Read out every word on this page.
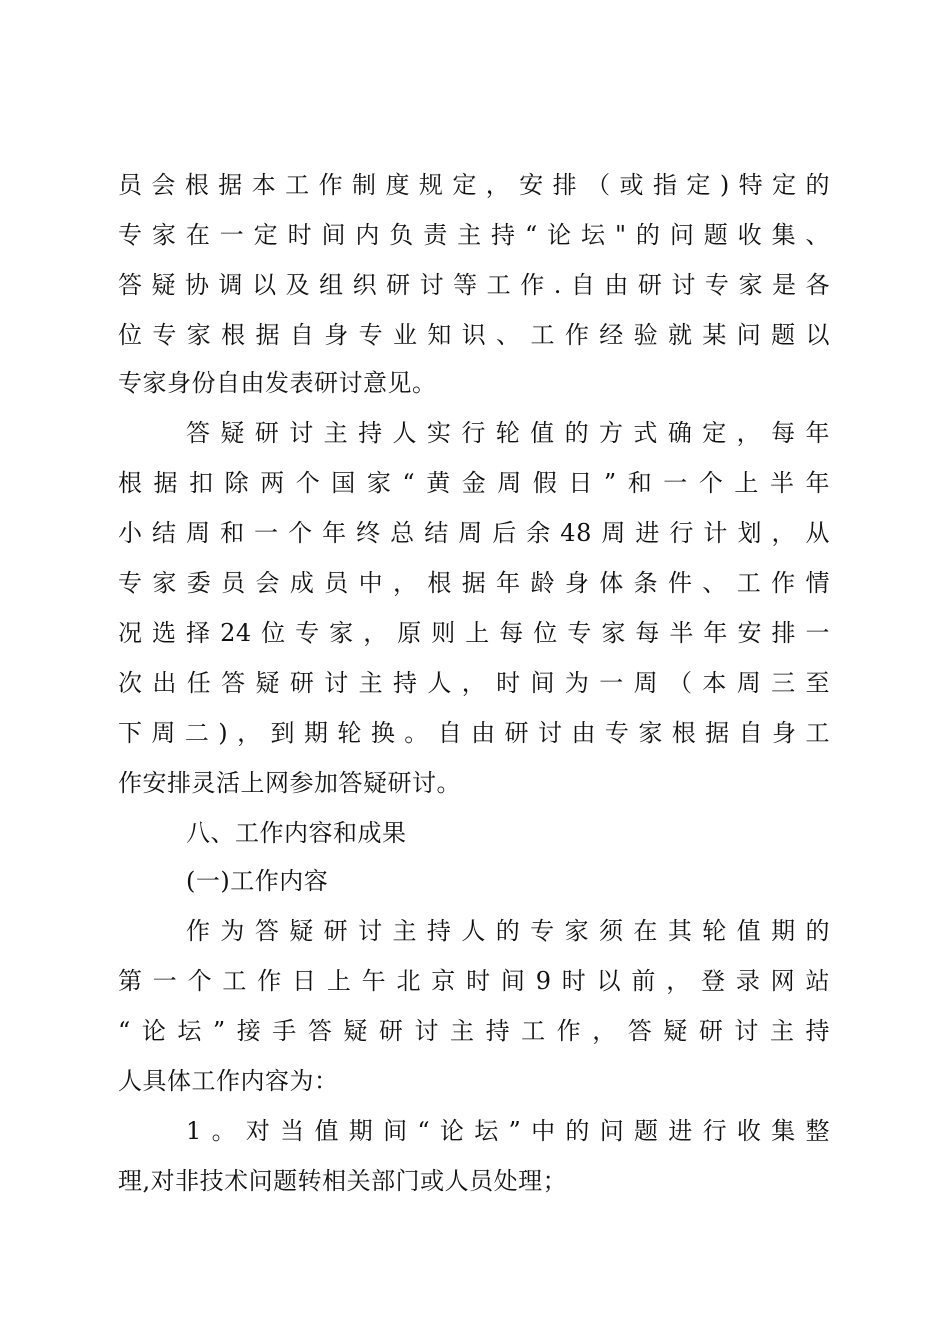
员会根据本工作制度规定，安排（或指定)特定的
专家在一定时间内负责主持“论坛"的问题收集、
答疑协调以及组织研讨等工作.自由研讨专家是各
位专家根据自身专业知识、工作经验就某问题以
专家身份自由发表研讨意见。
答疑研讨主持人实行轮值的方式确定，每年
根据扣除两个国家“黄金周假日”和一个上半年
小结周和一个年终总结周后余48周进行计划，从
专家委员会成员中，根据年龄身体条件、工作情
况选择24位专家，原则上每位专家每半年安排一
次出任答疑研讨主持人，时间为一周（本周三至
下周二)，到期轮换。自由研讨由专家根据自身工
作安排灵活上网参加答疑研讨。
八、工作内容和成果
(一)工作内容
作为答疑研讨主持人的专家须在其轮值期的
第一个工作日上午北京时间9时以前，登录网站
“论坛”接手答疑研讨主持工作，答疑研讨主持
人具体工作内容为：
1。对当值期间“论坛”中的问题进行收集整
理,对非技术问题转相关部门或人员处理；
